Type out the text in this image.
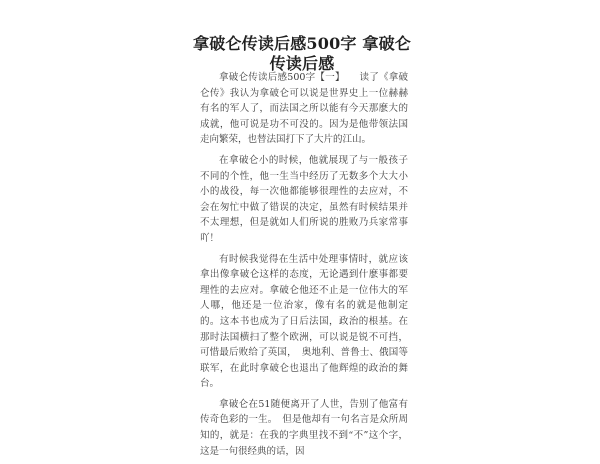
拿破仑传读后感500字 拿破仑传读后感

拿破仑传读后感500字【一】　　读了《拿破仑传》我认为拿破仑可以说是世界史上一位赫赫有名的军人了，而法国之所以能有今天那麽大的成就，他可说是功不可没的。因为是他带领法国走向繁荣，也替法国打下了大片的江山。

在拿破仑小的时候，他就展现了与一般孩子不同的个性，他一生当中经历了无数多个大大小小的战役，每一次他都能够很理性的去应对，不会在匆忙中做了错误的决定，虽然有时候结果并不太理想，但是就如人们所说的胜败乃兵家常事吖！

有时候我觉得在生活中处理事情时，就应该拿出像拿破仑这样的态度，无论遇到什麽事都要理性的去应对。拿破仑他还不止是一位伟大的军人哪，他还是一位治家，像有名的就是他制定的。这本书也成为了日后法国，政治的根基。在那时法国横扫了整个欧洲，可以说是锐不可挡，可惜最后败给了英国，　奥地利、普鲁士、俄国等联军，在此时拿破仑也退出了他辉煌的政治的舞台。

拿破仑在51随便离开了人世，告别了他富有传奇色彩的一生。　但是他却有一句名言是众所周知的，就是：在我的字典里找不到“不”这个字，这是一句很经典的话，因
